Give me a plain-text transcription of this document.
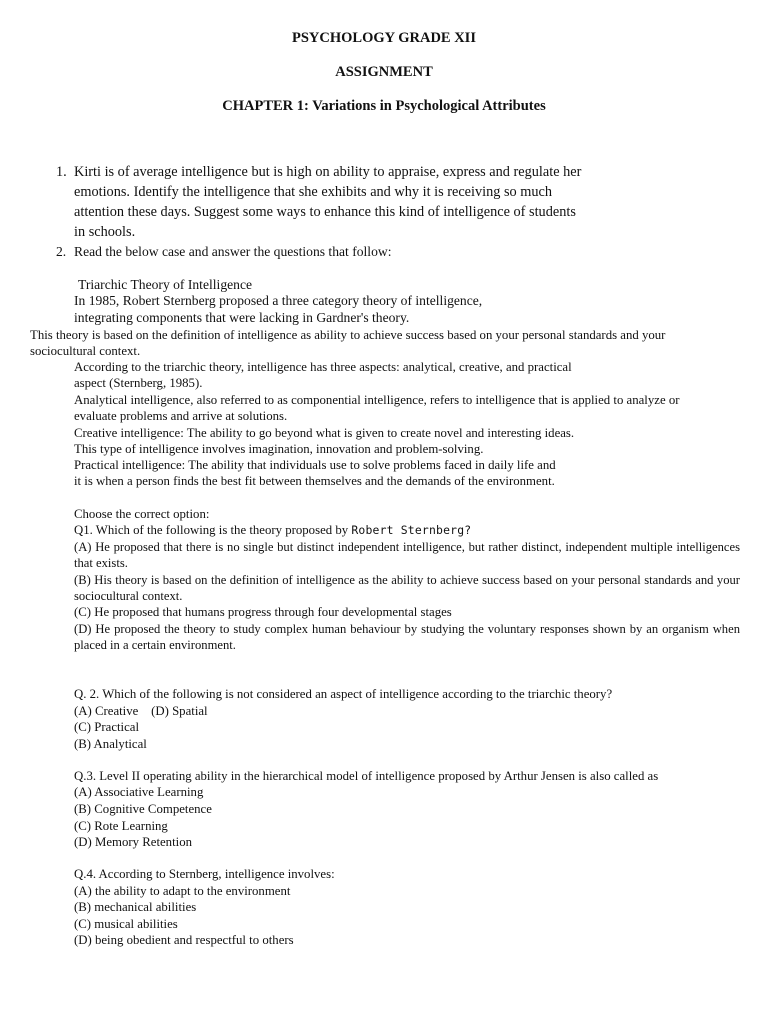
PSYCHOLOGY GRADE XII
ASSIGNMENT
CHAPTER 1: Variations in Psychological Attributes
1. Kirti is of average intelligence but is high on ability to appraise, express and regulate her
emotions. Identify the intelligence that she exhibits and why it is receiving so much
attention these days. Suggest some ways to enhance this kind of intelligence of students
in schools.
2. Read the below case and answer the questions that follow:
Triarchic Theory of Intelligence
In 1985, Robert Sternberg proposed a three category theory of intelligence,
integrating components that were lacking in Gardner's theory.
This theory is based on the definition of intelligence as ability to achieve success based on your personal standards and your
sociocultural context.
According to the triarchic theory, intelligence has three aspects: analytical, creative, and practical
aspect (Sternberg, 1985).
Analytical intelligence, also referred to as componential intelligence, refers to intelligence that is applied to analyze or
evaluate problems and arrive at solutions.
Creative intelligence: The ability to go beyond what is given to create novel and interesting ideas.
This type of intelligence involves imagination, innovation and problem-solving.
Practical intelligence: The ability that individuals use to solve problems faced in daily life and
it is when a person finds the best fit between themselves and the demands of the environment.
Choose the correct option:
Q1. Which of the following is the theory proposed by Robert Sternberg?
(A) He proposed that there is no single but distinct independent intelligence, but rather distinct, independent multiple intelligences that exists.
(B) His theory is based on the definition of intelligence as the ability to achieve success based on your personal standards and your sociocultural context.
(C) He proposed that humans progress through four developmental stages
(D) He proposed the theory to study complex human behaviour by studying the voluntary responses shown by an organism when placed in a certain environment.
Q. 2. Which of the following is not considered an aspect of intelligence according to the triarchic theory?
(A) Creative    (D) Spatial
(C) Practical
(B) Analytical
Q.3. Level II operating ability in the hierarchical model of intelligence proposed by Arthur Jensen is also called as
(A) Associative Learning
(B) Cognitive Competence
(C) Rote Learning
(D) Memory Retention
Q.4. According to Sternberg, intelligence involves:
(A) the ability to adapt to the environment
(B) mechanical abilities
(C) musical abilities
(D) being obedient and respectful to others
